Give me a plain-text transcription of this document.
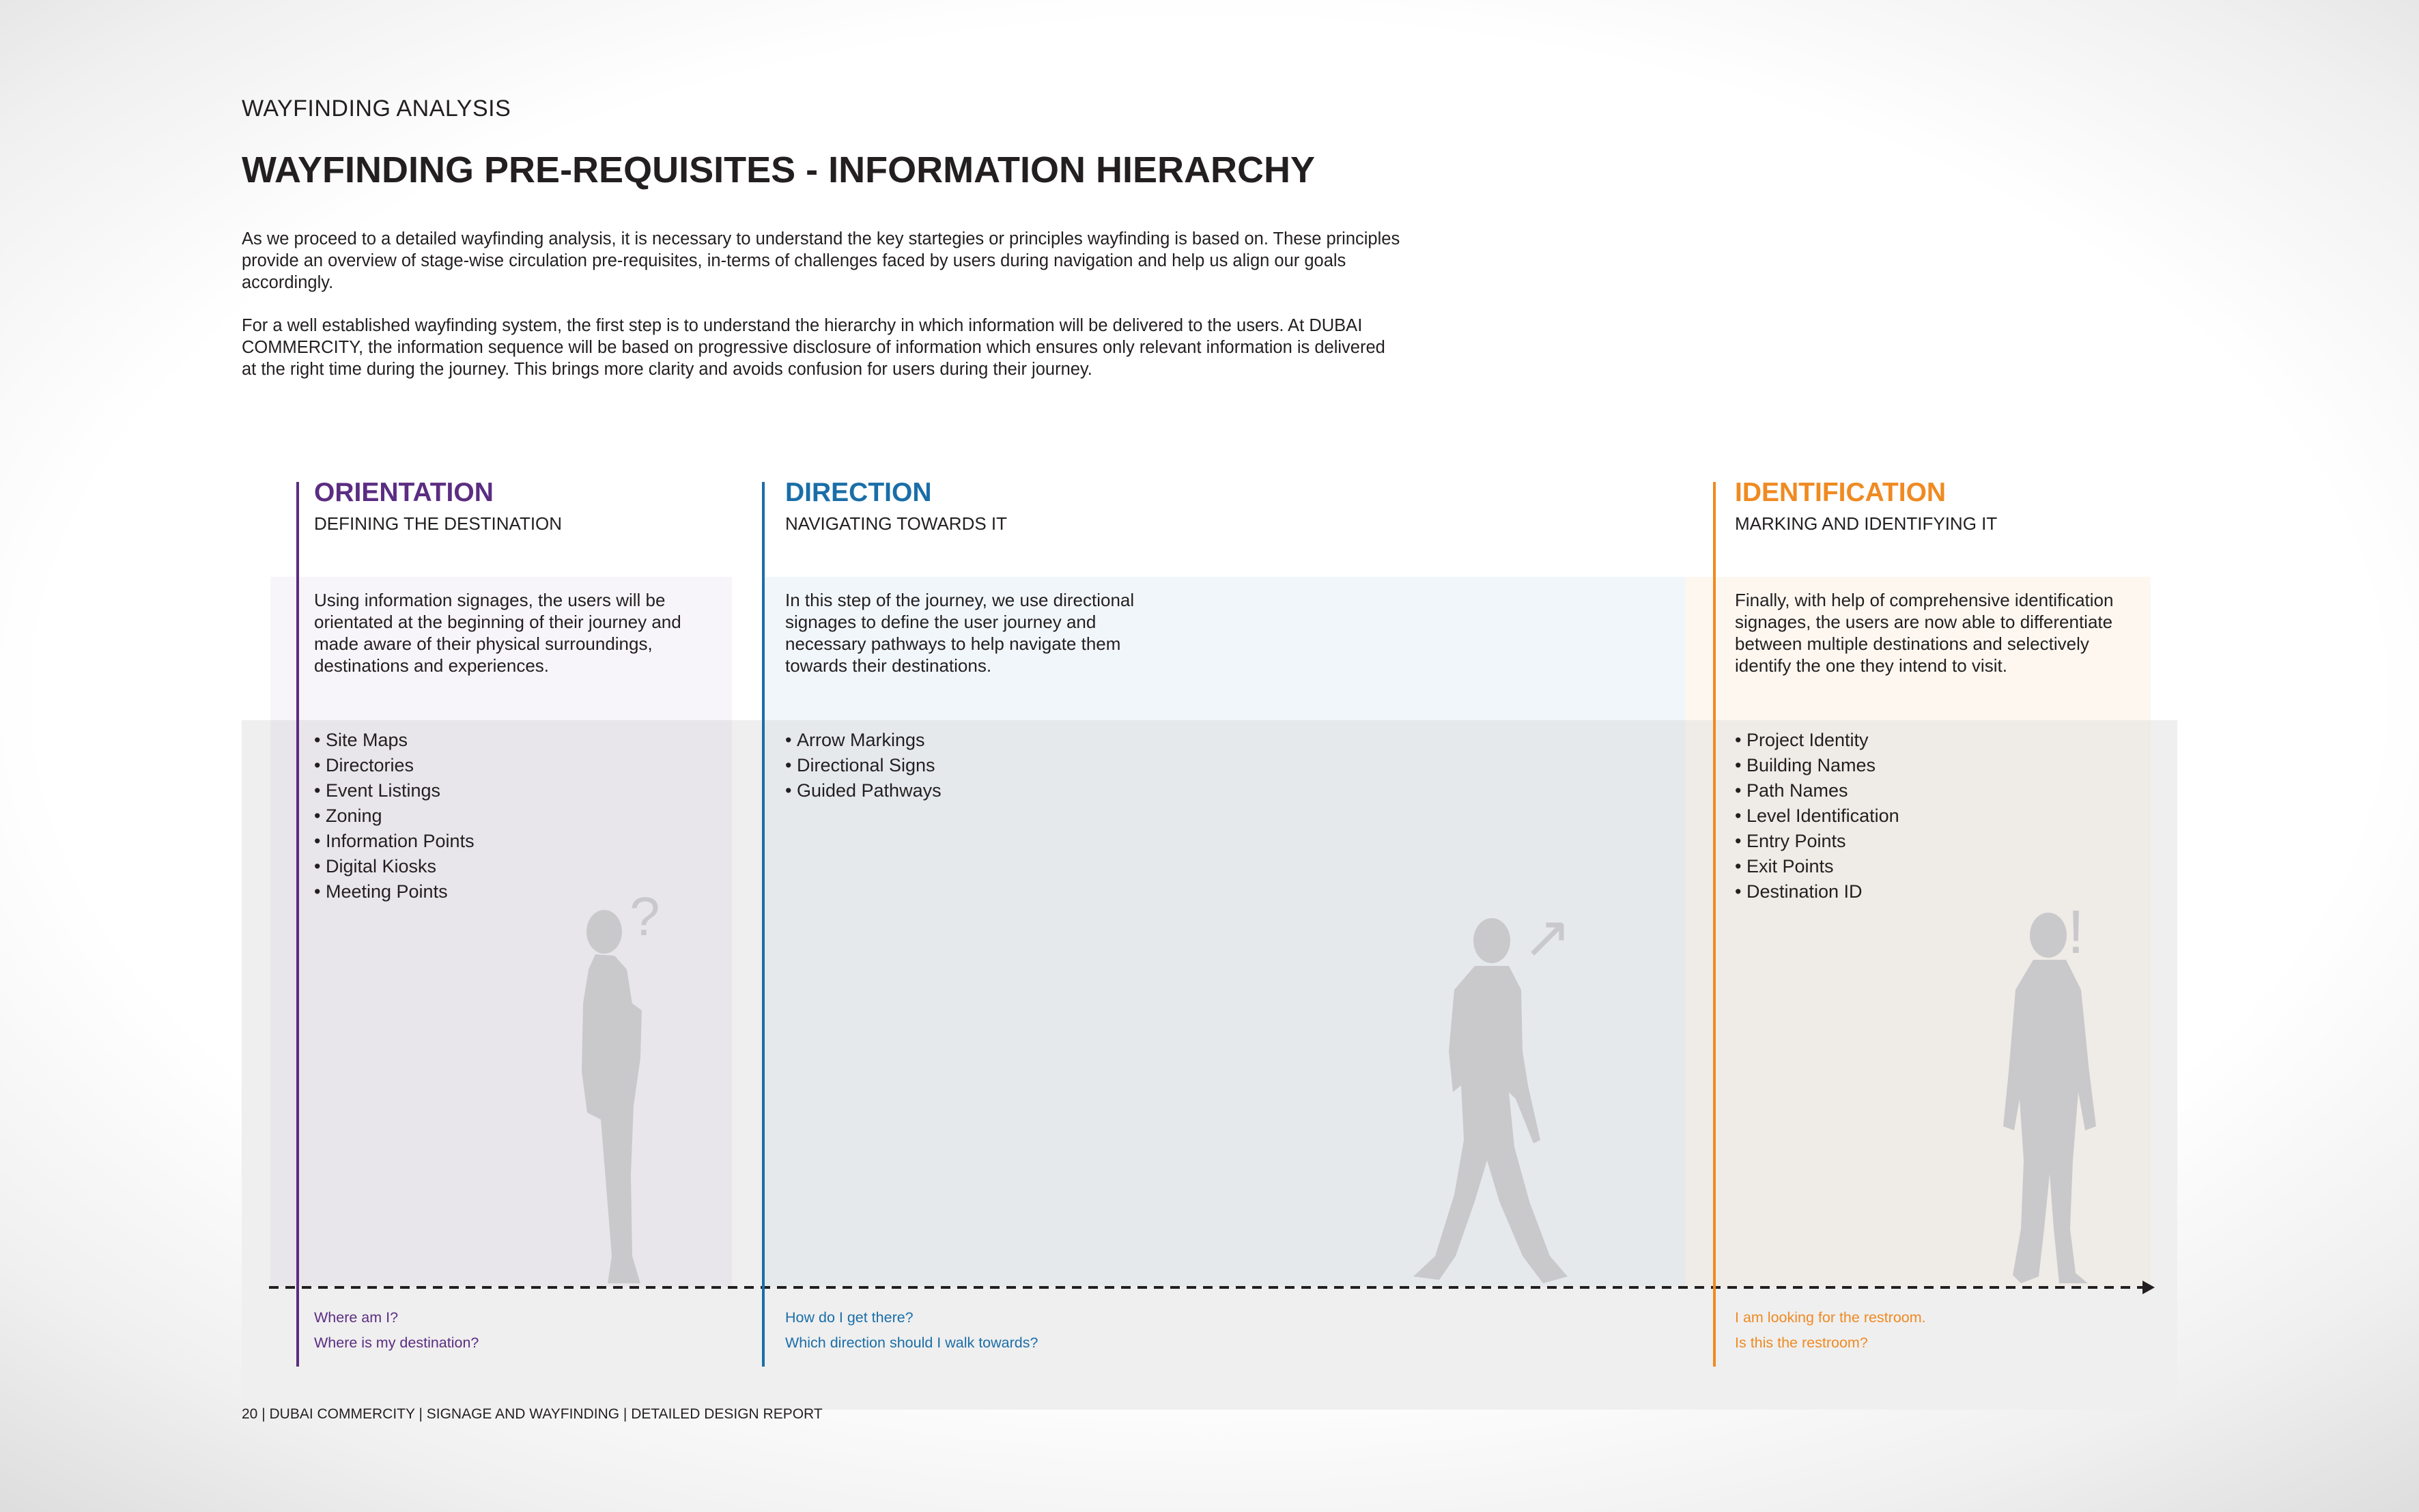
WAYFINDING ANALYSIS
WAYFINDING PRE-REQUISITES - INFORMATION HIERARCHY

As we proceed to a detailed wayfinding analysis, it is necessary to understand the key startegies or principles wayfinding is based on. These principles provide an overview of stage-wise circulation pre-requisites, in-terms of challenges faced by users during navigation and help us align our goals accordingly.

For a well established wayfinding system, the first step is to understand the hierarchy in which information will be delivered to the users. At DUBAI COMMERCITY, the information sequence will be based on progressive disclosure of information which ensures only relevant information is delivered at the right time during the journey. This brings more clarity and avoids confusion for users during their journey.

?	↗	!
ORIENTATION
DEFINING THE DESTINATION

Using information signages, the users will be orientated at the beginning of their journey and made aware of their physical surroundings, destinations and experiences.

• Site Maps
• Directories
• Event Listings
• Zoning
• Information Points
• Digital Kiosks
• Meeting Points
Where am I?
Where is my destination?
DIRECTION
NAVIGATING TOWARDS IT

In this step of the journey, we use directional signages to define the user journey and necessary pathways to help navigate them towards their destinations.

• Arrow Markings
• Directional Signs
• Guided Pathways
How do I get there?
Which direction should I walk towards?
IDENTIFICATION
MARKING AND IDENTIFYING IT

Finally, with help of comprehensive identification signages, the users are now able to differentiate between multiple destinations and selectively identify the one they intend to visit.

• Project Identity
• Building Names
• Path Names
• Level Identification
• Entry Points
• Exit Points
• Destination ID
I am looking for the restroom.
Is this the restroom?
20 | DUBAI COMMERCITY | SIGNAGE AND WAYFINDING | DETAILED DESIGN REPORT
